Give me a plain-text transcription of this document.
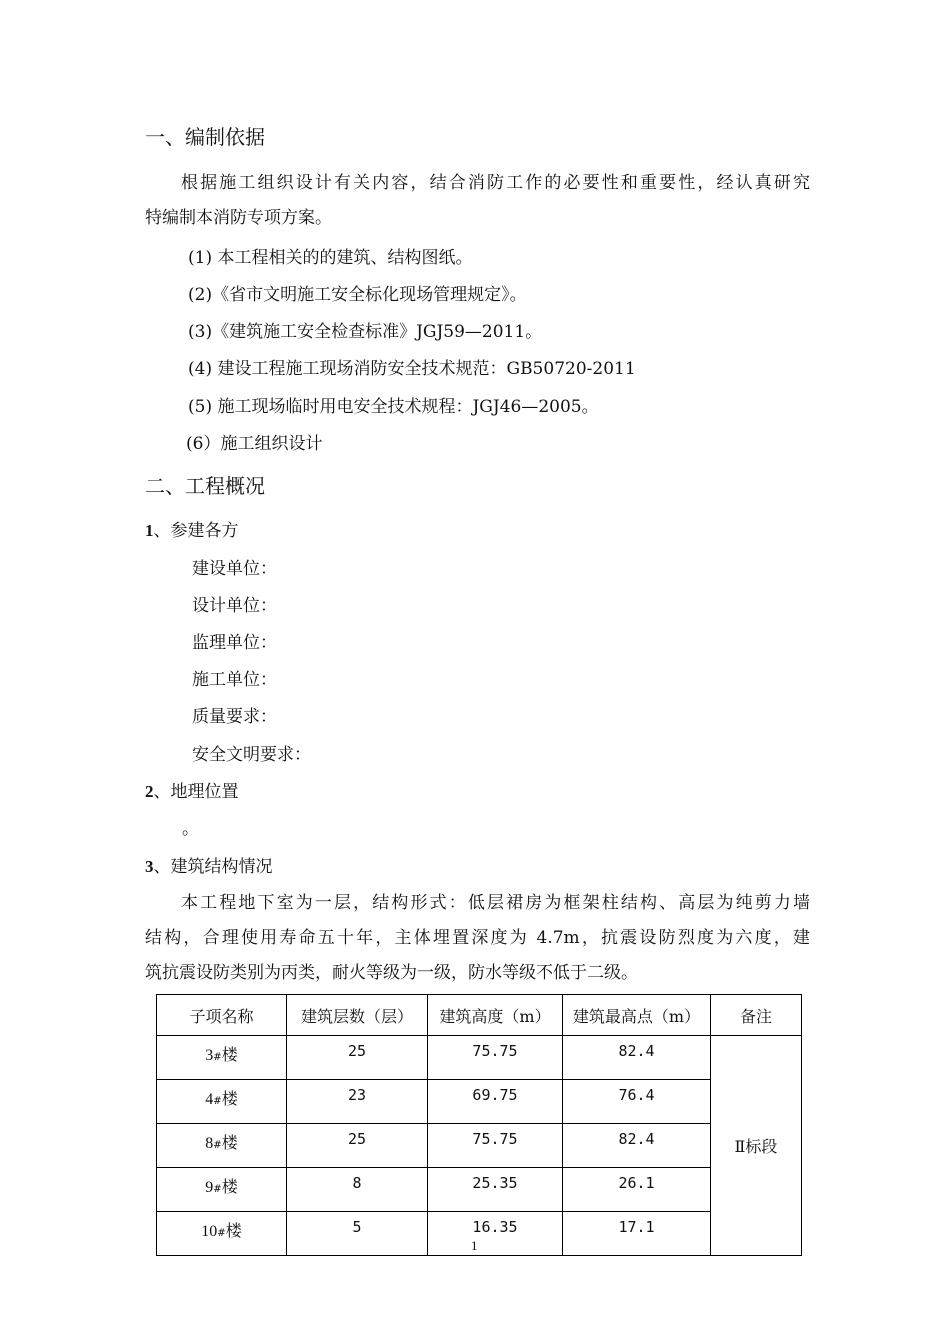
一、编制依据
根据施工组织设计有关内容，结合消防工作的必要性和重要性，经认真研究
特编制本消防专项方案。
(1) 本工程相关的的建筑、结构图纸。
(2)《省市文明施工安全标化现场管理规定》。
(3)《建筑施工安全检查标准》JGJ59—2011。
(4) 建设工程施工现场消防安全技术规范：GB50720-2011
(5) 施工现场临时用电安全技术规程：JGJ46—2005。
(6）施工组织设计
二、工程概况
1、参建各方
建设单位：
设计单位：
监理单位：
施工单位：
质量要求：
安全文明要求：
2、地理位置
。
3、建筑结构情况
本工程地下室为一层，结构形式：低层裙房为框架柱结构、高层为纯剪力墙
结构，合理使用寿命五十年，主体埋置深度为 4.7m，抗震设防烈度为六度，建
筑抗震设防类别为丙类，耐火等级为一级，防水等级不低于二级。
子项名称	建筑层数（层）	建筑高度（m）	建筑最高点（m）	备注
3#楼	25	75.75	82.4	Ⅱ标段
4#楼	23	69.75	76.4	
8#楼	25	75.75	82.4	
9#楼	8	25.35	26.1	
10#楼	5	16.35	17.1	
1
